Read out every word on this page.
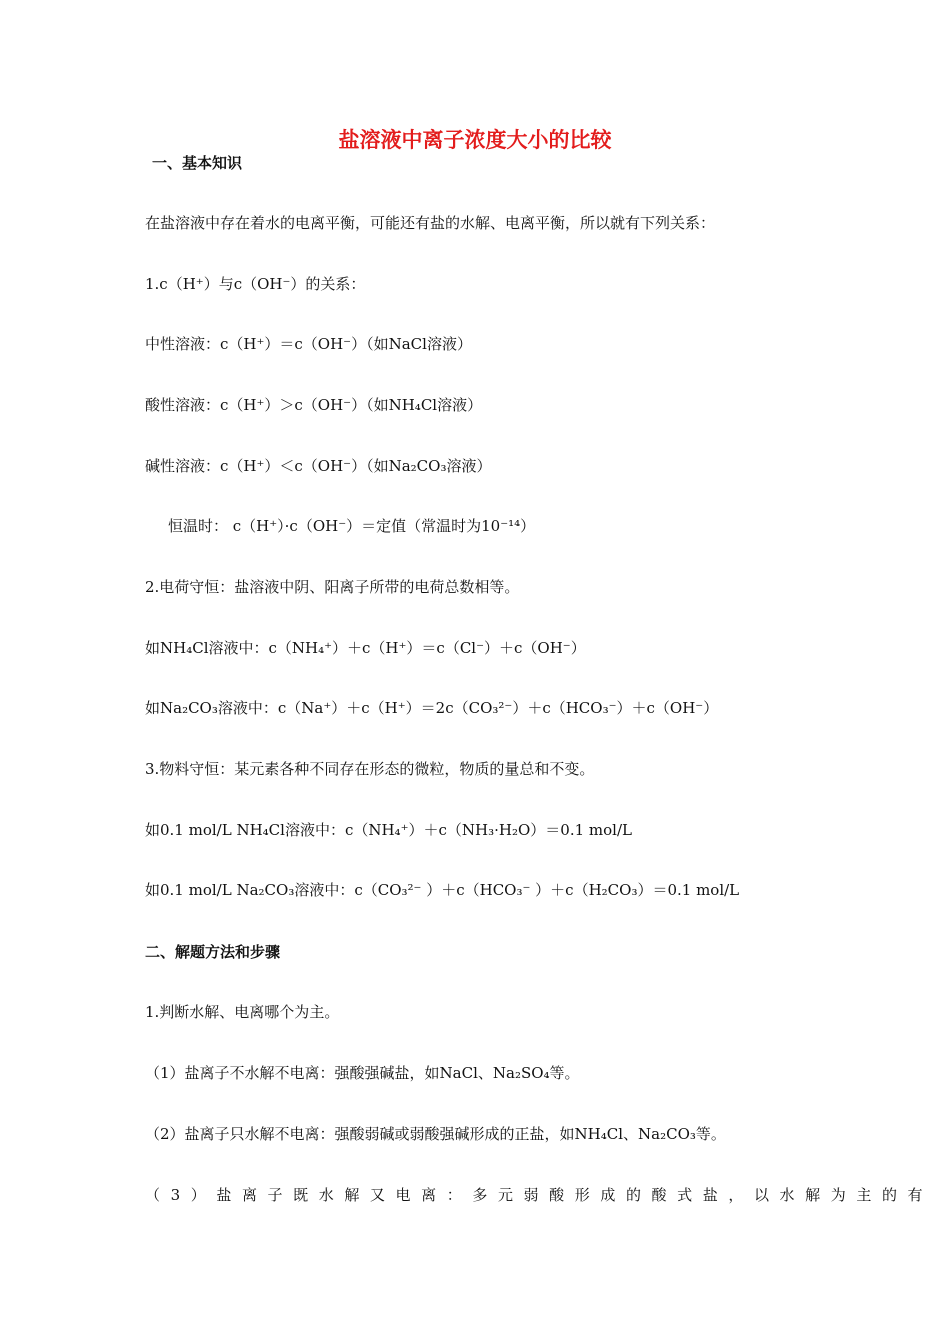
盐溶液中离子浓度大小的比较
一、基本知识
在盐溶液中存在着水的电离平衡，可能还有盐的水解、电离平衡，所以就有下列关系：
1.c（H⁺）与c（OH⁻）的关系：
中性溶液：c（H⁺）＝c（OH⁻）（如NaCl溶液）
酸性溶液：c（H⁺）＞c（OH⁻）（如NH₄Cl溶液）
碱性溶液：c（H⁺）＜c（OH⁻）（如Na₂CO₃溶液）
恒温时： c（H⁺）·c（OH⁻）＝定值（常温时为10⁻¹⁴）
2.电荷守恒：盐溶液中阴、阳离子所带的电荷总数相等。
如NH₄Cl溶液中：c（NH₄⁺）＋c（H⁺）＝c（Cl⁻）＋c（OH⁻）
如Na₂CO₃溶液中：c（Na⁺）＋c（H⁺）＝2c（CO₃²⁻）＋c（HCO₃⁻）＋c（OH⁻）
3.物料守恒：某元素各种不同存在形态的微粒，物质的量总和不变。
如0.1 mol/L NH₄Cl溶液中：c（NH₄⁺）＋c（NH₃·H₂O）＝0.1 mol/L
如0.1 mol/L Na₂CO₃溶液中：c（CO₃²⁻ ）＋c（HCO₃⁻ ）＋c（H₂CO₃）＝0.1 mol/L
二、解题方法和步骤
1.判断水解、电离哪个为主。
（1）盐离子不水解不电离：强酸强碱盐，如NaCl、Na₂SO₄等。
（2）盐离子只水解不电离：强酸弱碱或弱酸强碱形成的正盐，如NH₄Cl、Na₂CO₃等。
（3）盐离子既水解又电离：多元弱酸形成的酸式盐，以水解为主的有
